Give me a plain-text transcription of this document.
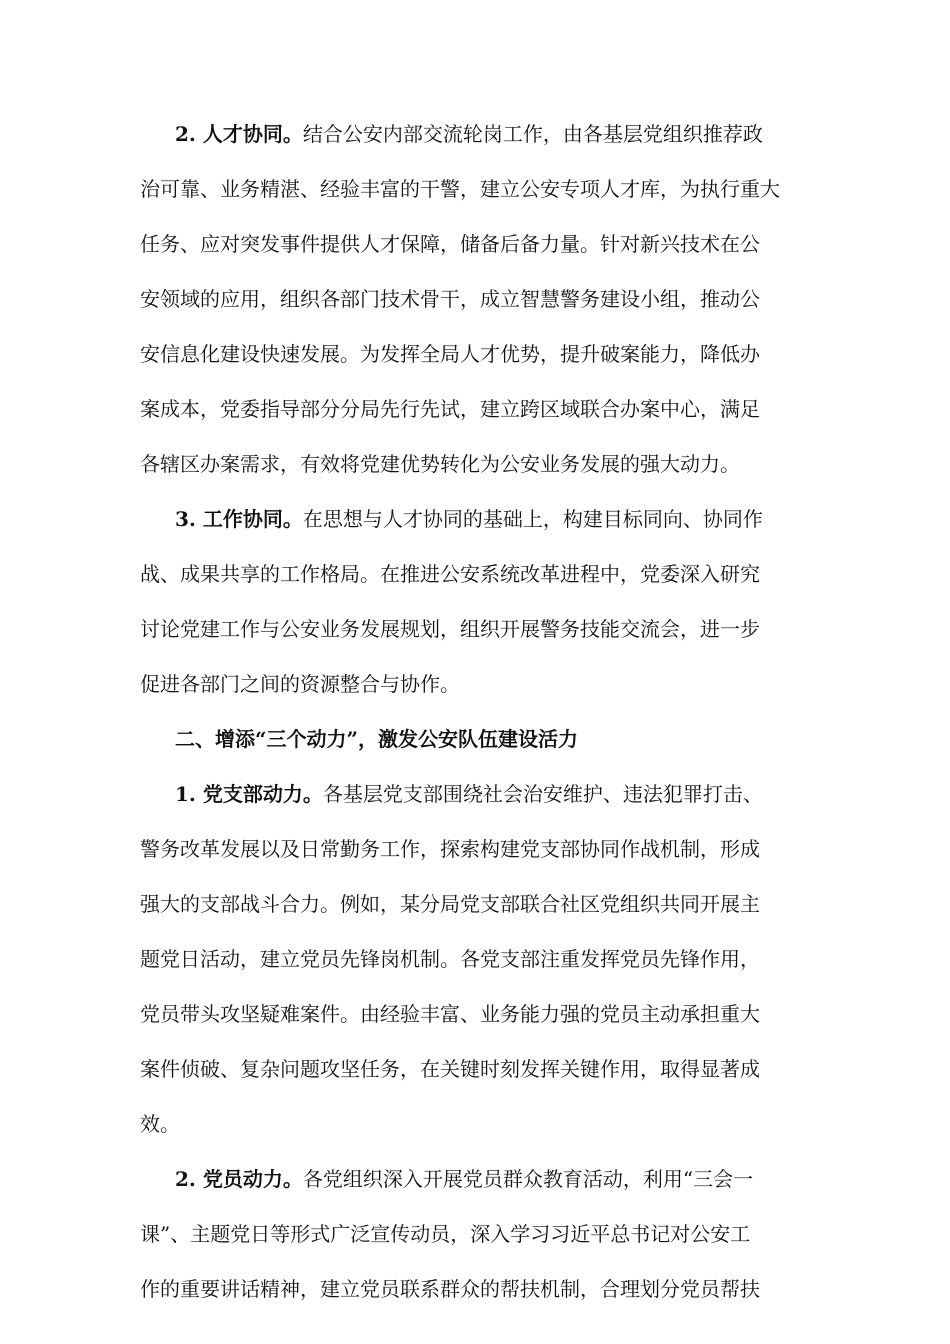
2. 人才协同。结合公安内部交流轮岗工作，由各基层党组织推荐政
治可靠、业务精湛、经验丰富的干警，建立公安专项人才库，为执行重大
任务、应对突发事件提供人才保障，储备后备力量。针对新兴技术在公
安领域的应用，组织各部门技术骨干，成立智慧警务建设小组，推动公
安信息化建设快速发展。为发挥全局人才优势，提升破案能力，降低办
案成本，党委指导部分分局先行先试，建立跨区域联合办案中心，满足
各辖区办案需求，有效将党建优势转化为公安业务发展的强大动力。
3. 工作协同。在思想与人才协同的基础上，构建目标同向、协同作
战、成果共享的工作格局。在推进公安系统改革进程中，党委深入研究
讨论党建工作与公安业务发展规划，组织开展警务技能交流会，进一步
促进各部门之间的资源整合与协作。
二、增添“三个动力”，激发公安队伍建设活力
1. 党支部动力。各基层党支部围绕社会治安维护、违法犯罪打击、
警务改革发展以及日常勤务工作，探索构建党支部协同作战机制，形成
强大的支部战斗合力。例如，某分局党支部联合社区党组织共同开展主
题党日活动，建立党员先锋岗机制。各党支部注重发挥党员先锋作用，
党员带头攻坚疑难案件。由经验丰富、业务能力强的党员主动承担重大
案件侦破、复杂问题攻坚任务，在关键时刻发挥关键作用，取得显著成
效。
2. 党员动力。各党组织深入开展党员群众教育活动，利用“三会一
课”、主题党日等形式广泛宣传动员，深入学习习近平总书记对公安工
作的重要讲话精神，建立党员联系群众的帮扶机制，合理划分党员帮扶
